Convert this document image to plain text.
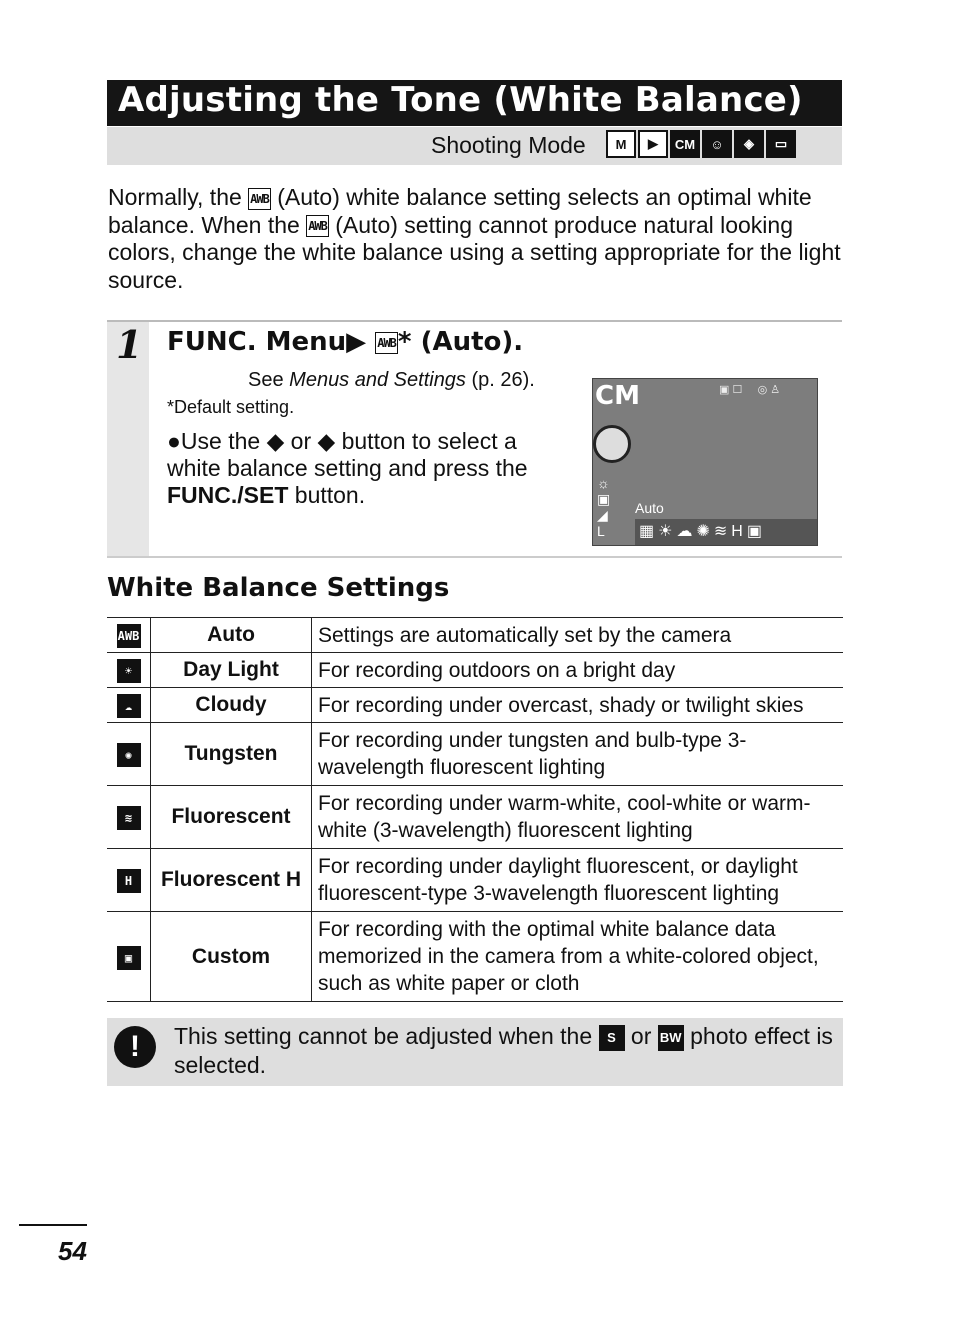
Adjusting the Tone (White Balance)
Shooting Mode M	▶	CM	☺	◈	▭
Normally, the AWB (Auto) white balance setting selects an optimal white balance. When the AWB (Auto) setting cannot produce natural looking colors, change the white balance using a setting appropriate for the light source.
1 FUNC. Menu▶ AWB* (Auto).
See Menus and Settings (p. 26).
*Default setting.
●Use the ◆ or ◆ button to select a white balance setting and press the FUNC./SET button.
CM	▣ ☐     ◎ ♙
☼
▣
◢
L
Auto
▦☀☁✺≋H▣
White Balance Settings
AWB	Auto	Settings are automatically set by the camera
☀	Day Light	For recording outdoors on a bright day
☁	Cloudy	For recording under overcast, shady or twilight skies
✺	Tungsten	For recording under tungsten and bulb-type 3-wavelength fluorescent lighting
≋	Fluorescent	For recording under warm-white, cool-white or warm-white (3-wavelength) fluorescent lighting
H	Fluorescent H	For recording under daylight fluorescent, or daylight fluorescent-type 3-wavelength fluorescent lighting
▣	Custom	For recording with the optimal white balance data memorized in the camera from a white-colored object, such as white paper or cloth
!	This setting cannot be adjusted when the S or BW photo effect is selected.
54
